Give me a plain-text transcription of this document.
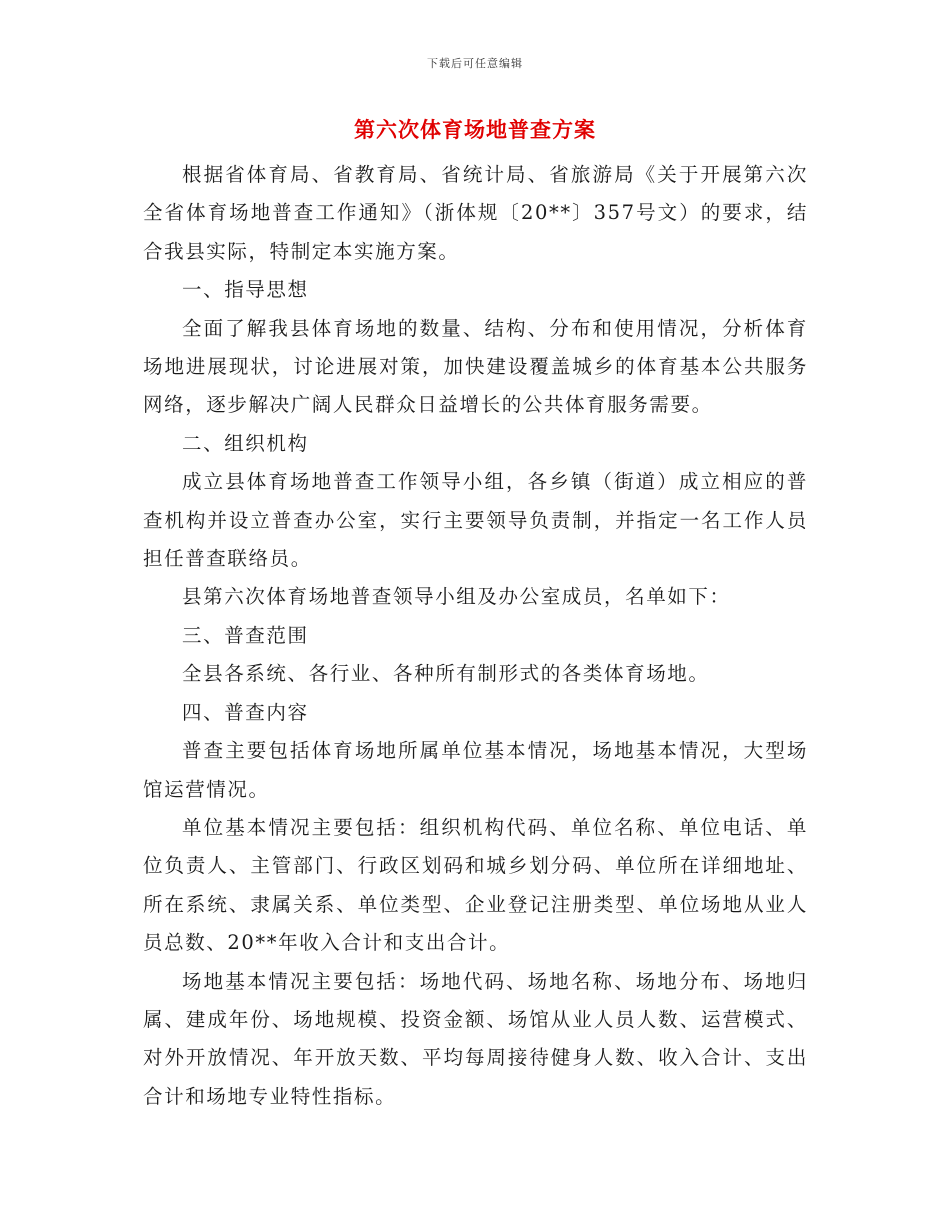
下载后可任意编辑
第六次体育场地普查方案

根据省体育局、省教育局、省统计局、省旅游局《关于开展第六次全省体育场地普查工作通知》（浙体规〔20**〕357号文）的要求，结合我县实际，特制定本实施方案。

一、指导思想

全面了解我县体育场地的数量、结构、分布和使用情况，分析体育场地进展现状，讨论进展对策，加快建设覆盖城乡的体育基本公共服务网络，逐步解决广阔人民群众日益增长的公共体育服务需要。

二、组织机构

成立县体育场地普查工作领导小组，各乡镇（街道）成立相应的普查机构并设立普查办公室，实行主要领导负责制，并指定一名工作人员担任普查联络员。

县第六次体育场地普查领导小组及办公室成员，名单如下：

三、普查范围

全县各系统、各行业、各种所有制形式的各类体育场地。

四、普查内容

普查主要包括体育场地所属单位基本情况，场地基本情况，大型场馆运营情况。

单位基本情况主要包括：组织机构代码、单位名称、单位电话、单位负责人、主管部门、行政区划码和城乡划分码、单位所在详细地址、所在系统、隶属关系、单位类型、企业登记注册类型、单位场地从业人员总数、20**年收入合计和支出合计。

场地基本情况主要包括：场地代码、场地名称、场地分布、场地归属、建成年份、场地规模、投资金额、场馆从业人员人数、运营模式、对外开放情况、年开放天数、平均每周接待健身人数、收入合计、支出合计和场地专业特性指标。
